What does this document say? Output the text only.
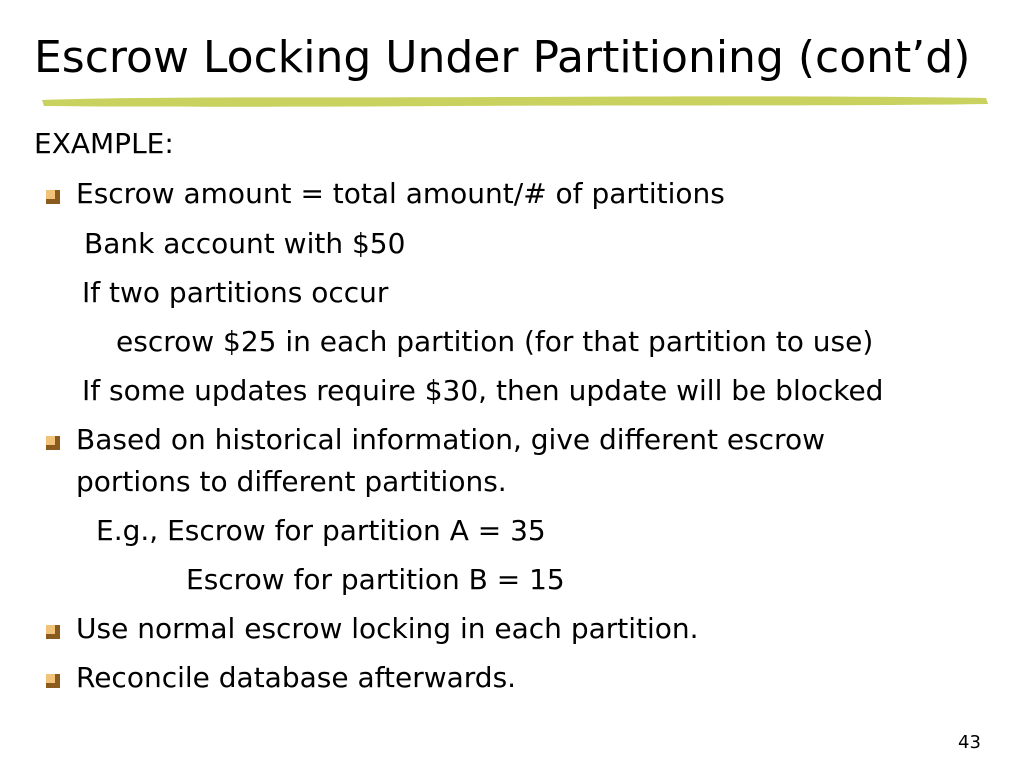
Escrow Locking Under Partitioning (cont’d)
EXAMPLE:
Escrow amount = total amount/# of partitions
Bank account with $50
If two partitions occur
escrow $25 in each partition (for that partition to use)
If some updates require $30, then update will be blocked
Based on historical information, give different escrow
portions to different partitions.
E.g., Escrow for partition A = 35
Escrow for partition B = 15
Use normal escrow locking in each partition.
Reconcile database afterwards.
43
